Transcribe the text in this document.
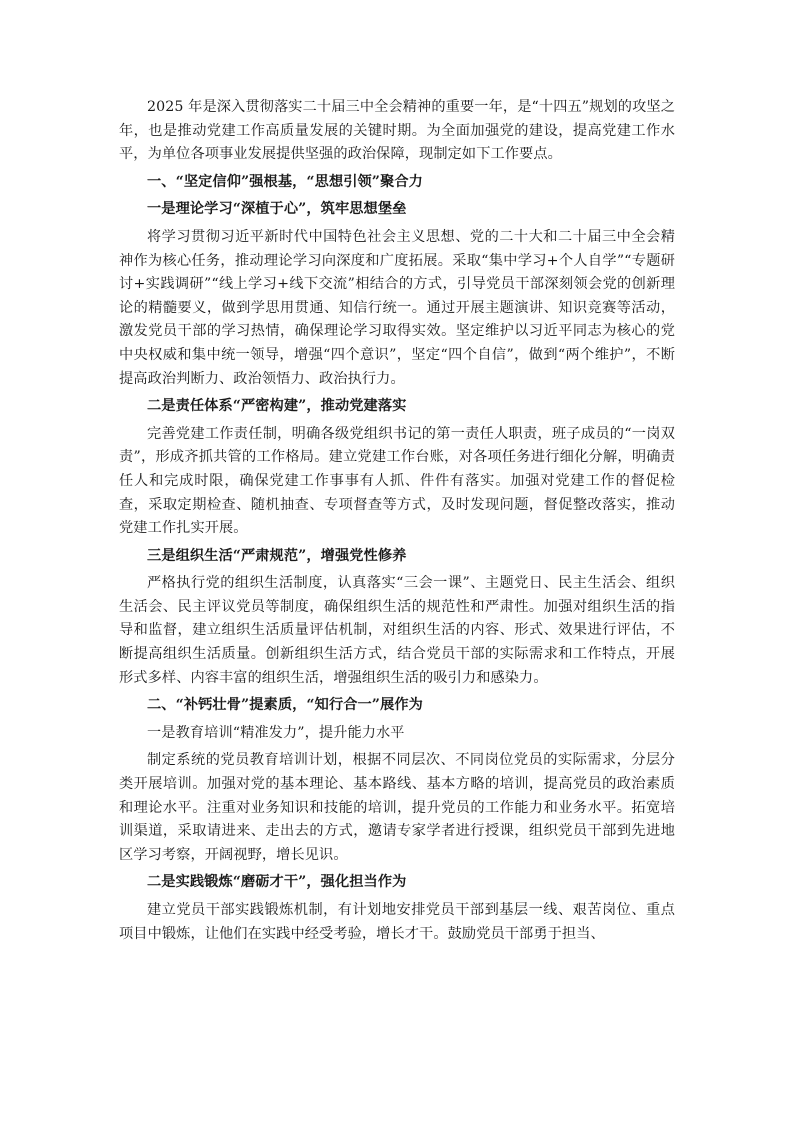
2025 年是深入贯彻落实二十届三中全会精神的重要一年，是“十四五”规划的攻坚之年，也是推动党建工作高质量发展的关键时期。为全面加强党的建设，提高党建工作水平，为单位各项事业发展提供坚强的政治保障，现制定如下工作要点。

一、“坚定信仰”强根基，“思想引领”聚合力

一是理论学习“深植于心”，筑牢思想堡垒

将学习贯彻习近平新时代中国特色社会主义思想、党的二十大和二十届三中全会精神作为核心任务，推动理论学习向深度和广度拓展。采取“集中学习+个人自学”“专题研讨+实践调研”“线上学习+线下交流”相结合的方式，引导党员干部深刻领会党的创新理论的精髓要义，做到学思用贯通、知信行统一。通过开展主题演讲、知识竞赛等活动，激发党员干部的学习热情，确保理论学习取得实效。坚定维护以习近平同志为核心的党中央权威和集中统一领导，增强“四个意识”，坚定“四个自信”，做到“两个维护”，不断提高政治判断力、政治领悟力、政治执行力。

二是责任体系“严密构建”，推动党建落实

完善党建工作责任制，明确各级党组织书记的第一责任人职责，班子成员的“一岗双责”，形成齐抓共管的工作格局。建立党建工作台账，对各项任务进行细化分解，明确责任人和完成时限，确保党建工作事事有人抓、件件有落实。加强对党建工作的督促检查，采取定期检查、随机抽查、专项督查等方式，及时发现问题，督促整改落实，推动党建工作扎实开展。

三是组织生活“严肃规范”，增强党性修养

严格执行党的组织生活制度，认真落实“三会一课”、主题党日、民主生活会、组织生活会、民主评议党员等制度，确保组织生活的规范性和严肃性。加强对组织生活的指导和监督，建立组织生活质量评估机制，对组织生活的内容、形式、效果进行评估，不断提高组织生活质量。创新组织生活方式，结合党员干部的实际需求和工作特点，开展形式多样、内容丰富的组织生活，增强组织生活的吸引力和感染力。

二、“补钙壮骨”提素质，“知行合一”展作为

一是教育培训“精准发力”，提升能力水平

制定系统的党员教育培训计划，根据不同层次、不同岗位党员的实际需求，分层分类开展培训。加强对党的基本理论、基本路线、基本方略的培训，提高党员的政治素质和理论水平。注重对业务知识和技能的培训，提升党员的工作能力和业务水平。拓宽培训渠道，采取请进来、走出去的方式，邀请专家学者进行授课，组织党员干部到先进地区学习考察，开阔视野，增长见识。

二是实践锻炼“磨砺才干”，强化担当作为

建立党员干部实践锻炼机制，有计划地安排党员干部到基层一线、艰苦岗位、重点项目中锻炼，让他们在实践中经受考验，增长才干。鼓励党员干部勇于担当、
